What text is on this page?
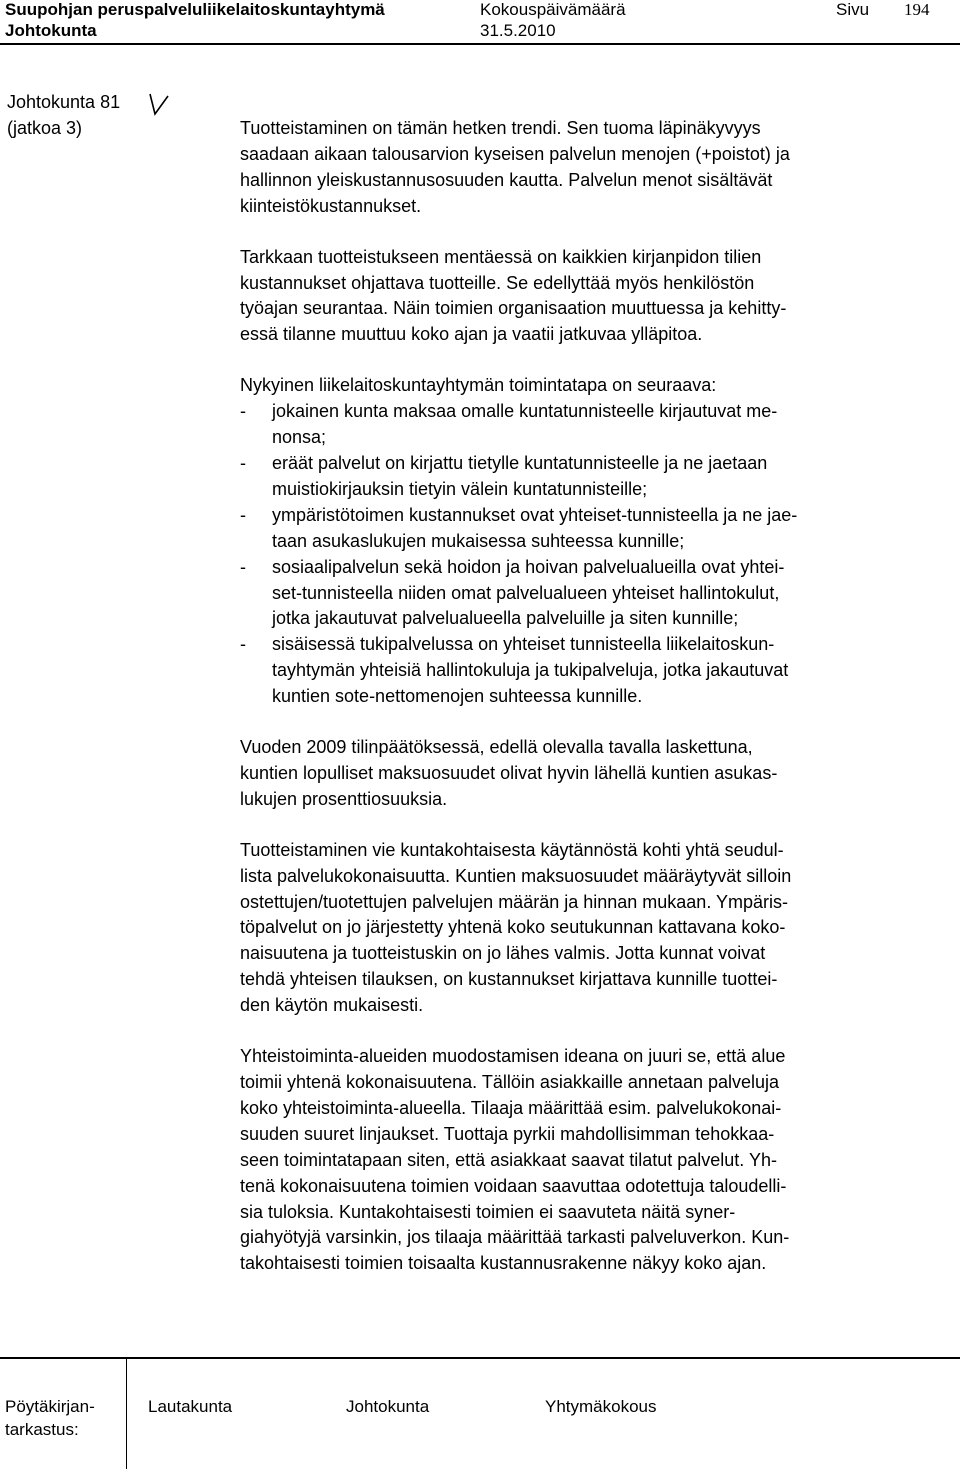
Suupohjan peruspalveluliikelaitoskuntayhtymä	Kokouspäivämäärä	Sivu 194
Johtokunta	31.5.2010
Johtokunta 81
(jatkoa 3)	Tuotteistaminen on tämän hetken trendi. Sen tuoma läpinäkyvyys
saadaan aikaan talousarvion kyseisen palvelun menojen (+poistot) ja
hallinnon yleiskustannusosuuden kautta. Palvelun menot sisältävät
kiinteistökustannukset.
Tarkkaan tuotteistukseen mentäessä on kaikkien kirjanpidon tilien
kustannukset ohjattava tuotteille. Se edellyttää myös henkilöstön
työajan seurantaa. Näin toimien organisaation muuttuessa ja kehitty-
essä tilanne muuttuu koko ajan ja vaatii jatkuvaa ylläpitoa.
Nykyinen liikelaitoskuntayhtymän toimintatapa on seuraava:
- jokainen kunta maksaa omalle kuntatunnisteelle kirjautuvat me-
nonsa;
- eräät palvelut on kirjattu tietylle kuntatunnisteelle ja ne jaetaan
muistiokirjauksin tietyin välein kuntatunnisteille;
- ympäristötoimen kustannukset ovat yhteiset-tunnisteella ja ne jae-
taan asukaslukujen mukaisessa suhteessa kunnille;
- sosiaalipalvelun sekä hoidon ja hoivan palvelualueilla ovat yhtei-
set-tunnisteella niiden omat palvelualueen yhteiset hallintokulut,
jotka jakautuvat palvelualueella palveluille ja siten kunnille;
- sisäisessä tukipalvelussa on yhteiset tunnisteella liikelaitoskun-
tayhtymän yhteisiä hallintokuluja ja tukipalveluja, jotka jakautuvat
kuntien sote-nettomenojen suhteessa kunnille.
Vuoden 2009 tilinpäätöksessä, edellä olevalla tavalla laskettuna,
kuntien lopulliset maksuosuudet olivat hyvin lähellä kuntien asukas-
lukujen prosenttiosuuksia.
Tuotteistaminen vie kuntakohtaisesta käytännöstä kohti yhtä seudul-
lista palvelukokonaisuutta. Kuntien maksuosuudet määräytyvät silloin
ostettujen/tuotettujen palvelujen määrän ja hinnan mukaan. Ympäris-
töpalvelut on jo järjestetty yhtenä koko seutukunnan kattavana koko-
naisuutena ja tuotteistuskin on jo lähes valmis. Jotta kunnat voivat
tehdä yhteisen tilauksen, on kustannukset kirjattava kunnille tuottei-
den käytön mukaisesti.
Yhteistoiminta-alueiden muodostamisen ideana on juuri se, että alue
toimii yhtenä kokonaisuutena. Tällöin asiakkaille annetaan palveluja
koko yhteistoiminta-alueella. Tilaaja määrittää esim. palvelukokonai-
suuden suuret linjaukset. Tuottaja pyrkii mahdollisimman tehokkaa-
seen toimintatapaan siten, että asiakkaat saavat tilatut palvelut. Yh-
tenä kokonaisuutena toimien voidaan saavuttaa odotettuja taloudelli-
sia tuloksia. Kuntakohtaisesti toimien ei saavuteta näitä syner-
giahyötyjä varsinkin, jos tilaaja määrittää tarkasti palveluverkon. Kun-
takohtaisesti toimien toisaalta kustannusrakenne näkyy koko ajan.
Pöytäkirjan-
tarkastus:
Lautakunta	Johtokunta	Yhtymäkokous
